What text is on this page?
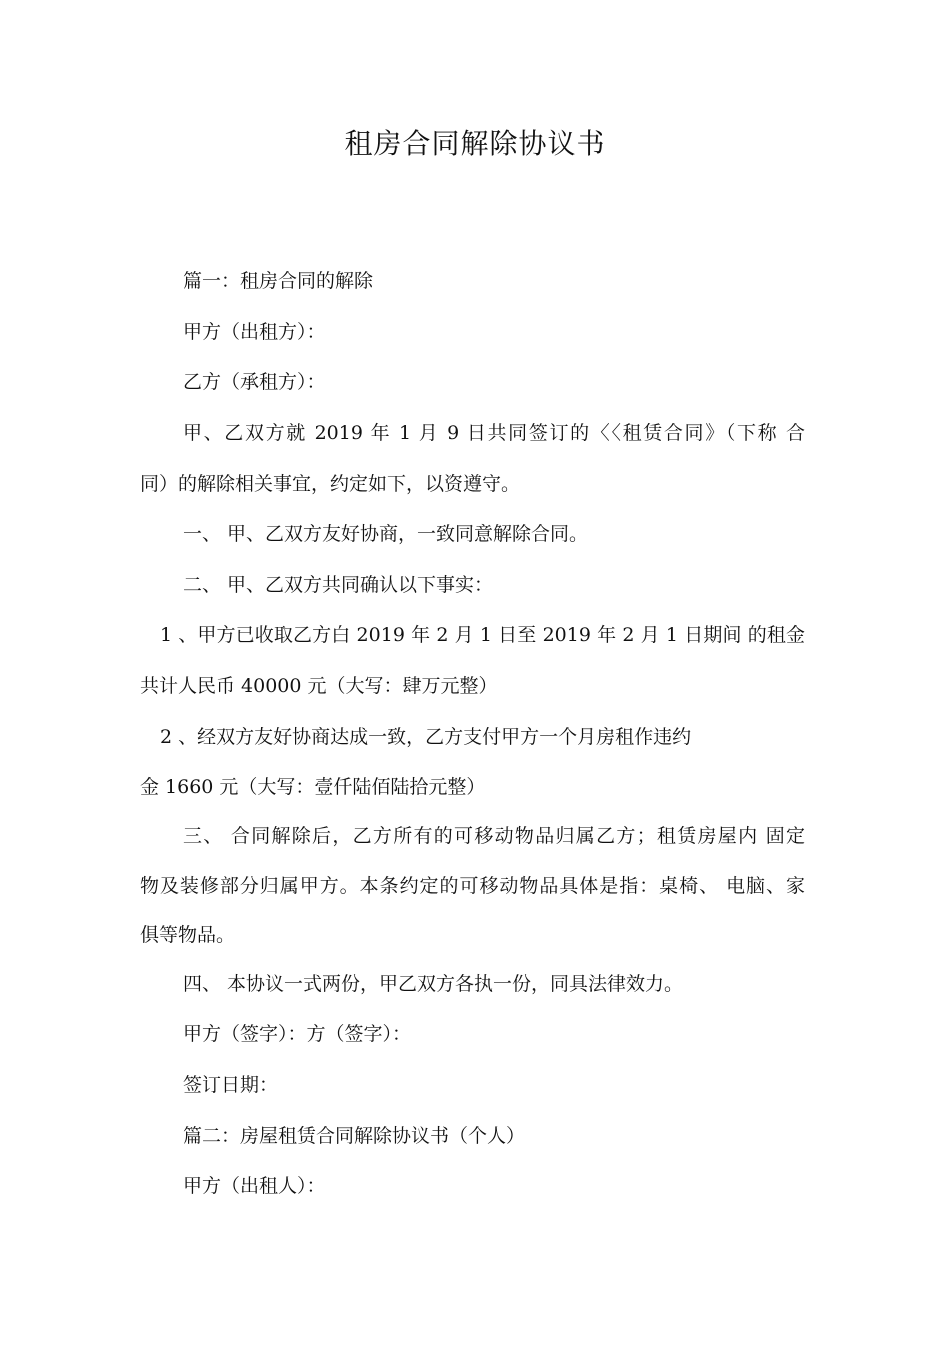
租房合同解除协议书

篇一：租房合同的解除

甲方（出租方）：

乙方（承租方）：

甲、乙双方就 2019 年 1 月 9 日共同签订的〈〈租赁合同》（下称 合

同）的解除相关事宜，约定如下，以资遵守。

一、 甲、乙双方友好协商，一致同意解除合同。

二、 甲、乙双方共同确认以下事实：

1 、甲方已收取乙方白 2019 年 2 月 1 日至 2019 年 2 月 1 日期间 的租金

共计人民币 40000 元（大写：肆万元整）

2 、经双方友好协商达成一致，乙方支付甲方一个月房租作违约

金 1660 元（大写：壹仟陆佰陆拾元整）

三、 合同解除后，乙方所有的可移动物品归属乙方；租赁房屋内 固定

物及装修部分归属甲方。本条约定的可移动物品具体是指：桌椅、 电脑、家

俱等物品。

四、 本协议一式两份，甲乙双方各执一份，同具法律效力。

甲方（签字）：方（签字）：

签订日期：

篇二：房屋租赁合同解除协议书（个人）

甲方（出租人）：
